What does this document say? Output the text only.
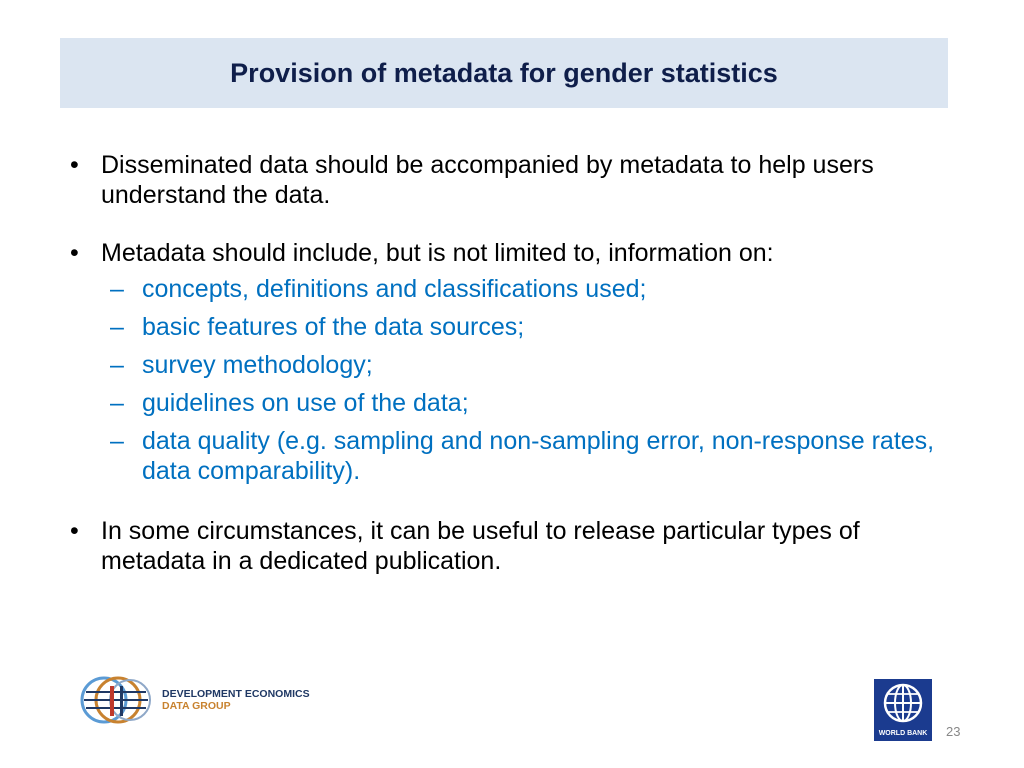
Provision of metadata for gender statistics
• Disseminated data should be accompanied by metadata to help users understand the data.
• Metadata should include, but is not limited to, information on:
– concepts, definitions and classifications used;
– basic features of the data sources;
– survey methodology;
– guidelines on use of the data;
– data quality (e.g. sampling and non-sampling error, non-response rates, data comparability).
• In some circumstances, it can be useful to release particular types of metadata in a dedicated publication.
DEVELOPMENT ECONOMICS
DATA GROUP
WORLD BANK	23
